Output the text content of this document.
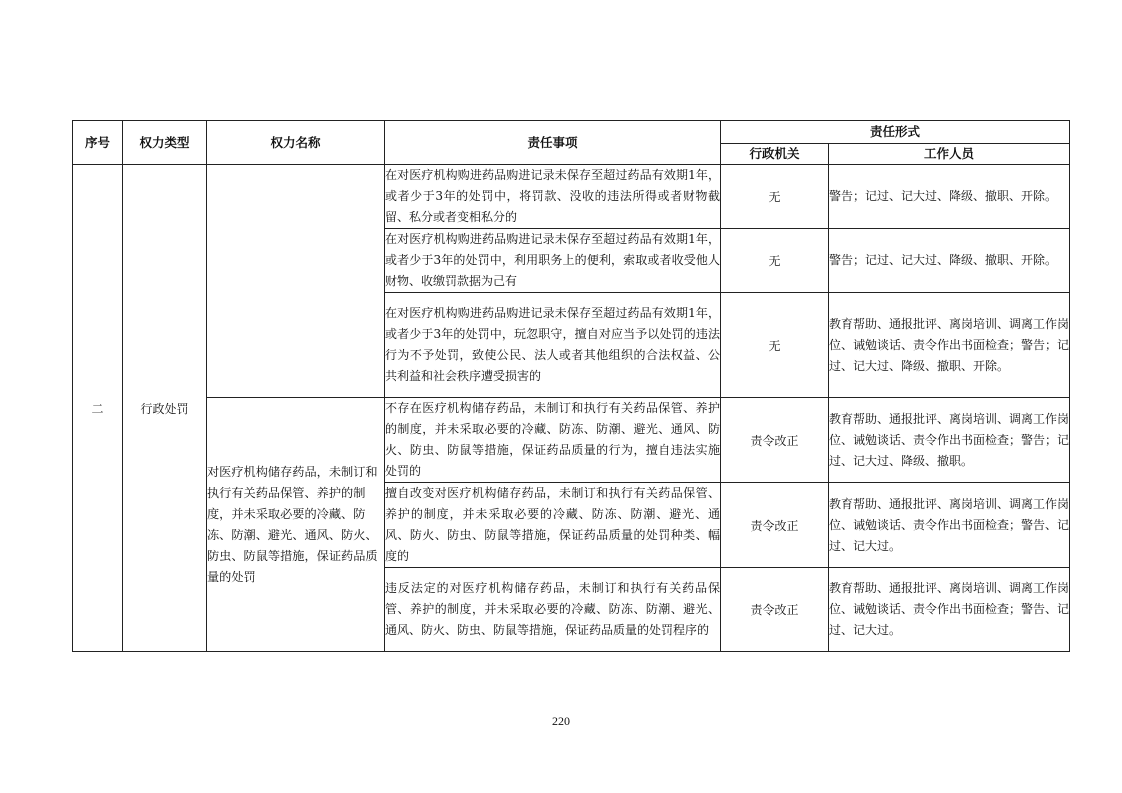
序号	权力类型	权力名称	责任事项	责任形式	
				行政机关	工作人员
二	行政处罚		在对医疗机构购进药品购进记录未保存至超过药品有效期1年，或者少于3年的处罚中，将罚款、没收的违法所得或者财物截留、私分或者变相私分的	无	警告；记过、记大过、降级、撤职、开除。
			在对医疗机构购进药品购进记录未保存至超过药品有效期1年，或者少于3年的处罚中，利用职务上的便利，索取或者收受他人财物、收缴罚款据为己有	无	警告；记过、记大过、降级、撤职、开除。
			在对医疗机构购进药品购进记录未保存至超过药品有效期1年，或者少于3年的处罚中，玩忽职守，擅自对应当予以处罚的违法行为不予处罚，致使公民、法人或者其他组织的合法权益、公共利益和社会秩序遭受损害的	无	教育帮助、通报批评、离岗培训、调离工作岗位、诫勉谈话、责令作出书面检查；警告；记过、记大过、降级、撤职、开除。
		对医疗机构储存药品，未制订和执行有关药品保管、养护的制度，并未采取必要的冷藏、防冻、防潮、避光、通风、防火、防虫、防鼠等措施，保证药品质量的处罚	不存在医疗机构储存药品，未制订和执行有关药品保管、养护的制度，并未采取必要的冷藏、防冻、防潮、避光、通风、防火、防虫、防鼠等措施，保证药品质量的行为，擅自违法实施处罚的	责令改正	教育帮助、通报批评、离岗培训、调离工作岗位、诫勉谈话、责令作出书面检查；警告；记过、记大过、降级、撤职。
			擅自改变对医疗机构储存药品，未制订和执行有关药品保管、养护的制度，并未采取必要的冷藏、防冻、防潮、避光、通风、防火、防虫、防鼠等措施，保证药品质量的处罚种类、幅度的	责令改正	教育帮助、通报批评、离岗培训、调离工作岗位、诫勉谈话、责令作出书面检查；警告、记过、记大过。
			违反法定的对医疗机构储存药品，未制订和执行有关药品保管、养护的制度，并未采取必要的冷藏、防冻、防潮、避光、通风、防火、防虫、防鼠等措施，保证药品质量的处罚程序的	责令改正	教育帮助、通报批评、离岗培训、调离工作岗位、诫勉谈话、责令作出书面检查；警告、记过、记大过。
220
